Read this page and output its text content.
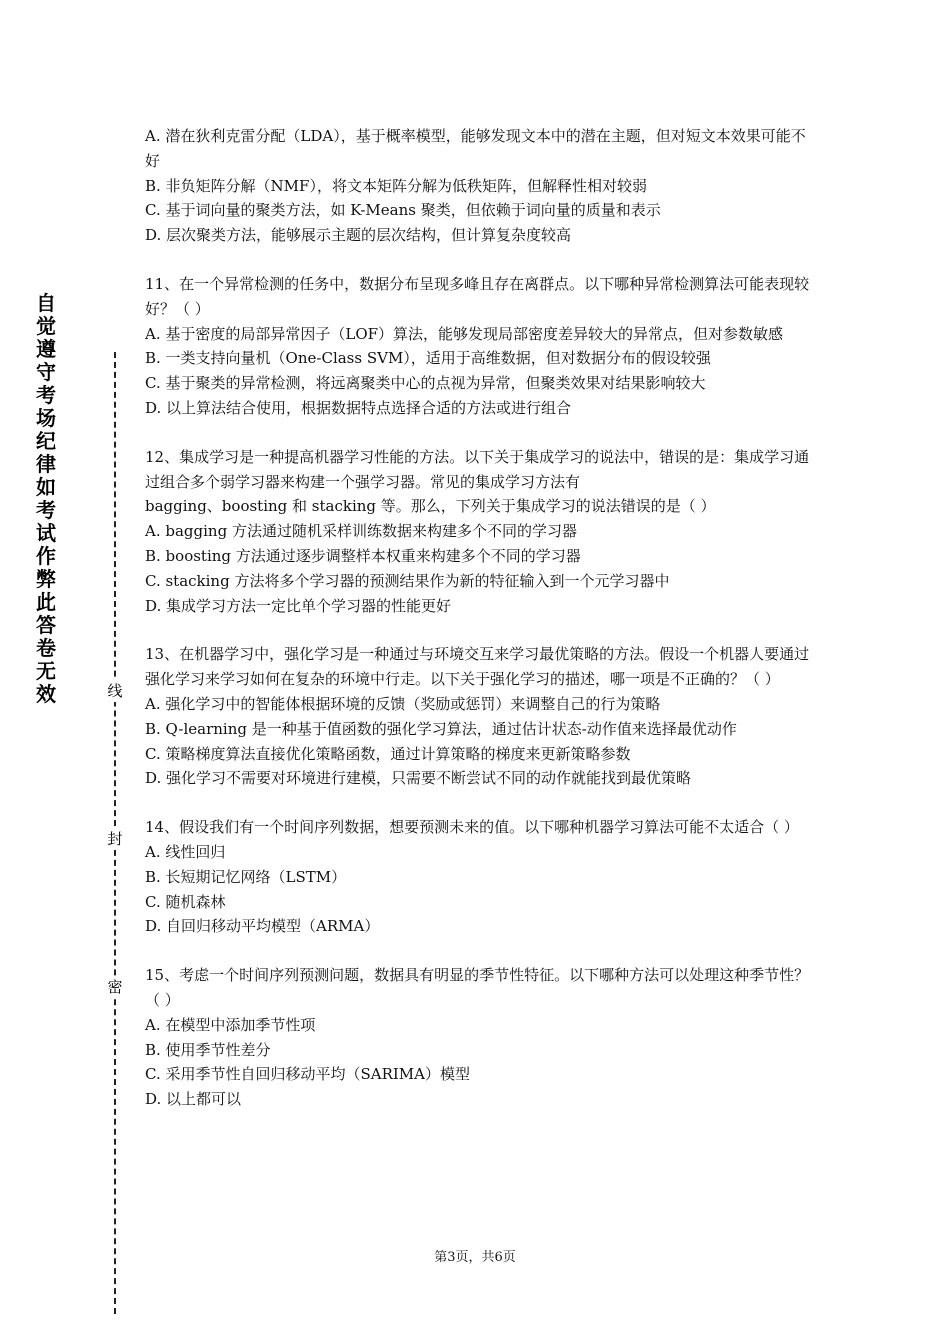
自觉遵守考场纪律如考试作弊此答卷无效	线
封
密

A. 潜在狄利克雷分配（LDA），基于概率模型，能够发现文本中的潜在主题，但对短文本效果可能不好

B. 非负矩阵分解（NMF），将文本矩阵分解为低秩矩阵，但解释性相对较弱

C. 基于词向量的聚类方法，如 K-Means 聚类，但依赖于词向量的质量和表示

D. 层次聚类方法，能够展示主题的层次结构，但计算复杂度较高

11、在一个异常检测的任务中，数据分布呈现多峰且存在离群点。以下哪种异常检测算法可能表现较好？（ ）

A. 基于密度的局部异常因子（LOF）算法，能够发现局部密度差异较大的异常点，但对参数敏感

B. 一类支持向量机（One-Class SVM），适用于高维数据，但对数据分布的假设较强

C. 基于聚类的异常检测，将远离聚类中心的点视为异常，但聚类效果对结果影响较大

D. 以上算法结合使用，根据数据特点选择合适的方法或进行组合

12、集成学习是一种提高机器学习性能的方法。以下关于集成学习的说法中，错误的是：集成学习通过组合多个弱学习器来构建一个强学习器。常见的集成学习方法有

bagging、boosting 和 stacking 等。那么，下列关于集成学习的说法错误的是（ ）

A. bagging 方法通过随机采样训练数据来构建多个不同的学习器

B. boosting 方法通过逐步调整样本权重来构建多个不同的学习器

C. stacking 方法将多个学习器的预测结果作为新的特征输入到一个元学习器中

D. 集成学习方法一定比单个学习器的性能更好

13、在机器学习中，强化学习是一种通过与环境交互来学习最优策略的方法。假设一个机器人要通过强化学习来学习如何在复杂的环境中行走。以下关于强化学习的描述，哪一项是不正确的？（ ）

A. 强化学习中的智能体根据环境的反馈（奖励或惩罚）来调整自己的行为策略

B. Q-learning 是一种基于值函数的强化学习算法，通过估计状态-动作值来选择最优动作

C. 策略梯度算法直接优化策略函数，通过计算策略的梯度来更新策略参数

D. 强化学习不需要对环境进行建模，只需要不断尝试不同的动作就能找到最优策略

14、假设我们有一个时间序列数据，想要预测未来的值。以下哪种机器学习算法可能不太适合（ ）

A. 线性回归

B. 长短期记忆网络（LSTM）

C. 随机森林

D. 自回归移动平均模型（ARMA）

15、考虑一个时间序列预测问题，数据具有明显的季节性特征。以下哪种方法可以处理这种季节性？（ ）

A. 在模型中添加季节性项

B. 使用季节性差分

C. 采用季节性自回归移动平均（SARIMA）模型

D. 以上都可以

第3页，共6页
